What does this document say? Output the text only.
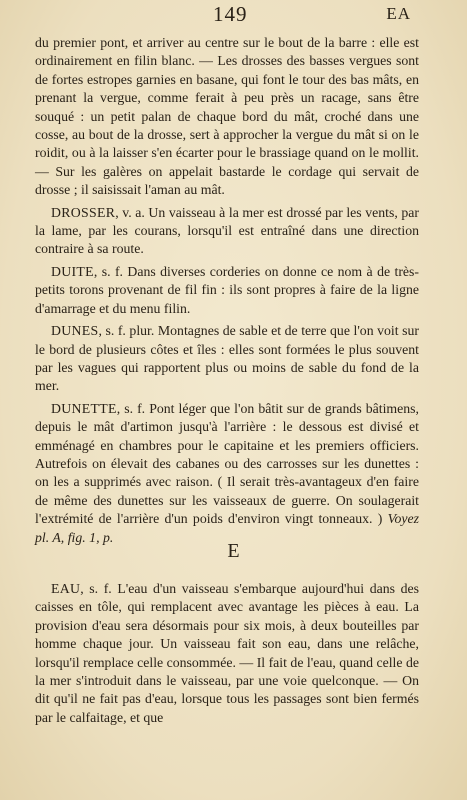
149	EA

du premier pont, et arriver au centre sur le bout de la barre : elle est ordinairement en filin blanc. — Les drosses des basses vergues sont de fortes estropes garnies en basane, qui font le tour des bas mâts, en prenant la vergue, comme ferait à peu près un racage, sans être souqué : un petit palan de chaque bord du mât, croché dans une cosse, au bout de la drosse, sert à approcher la vergue du mât si on le roidit, ou à la laisser s'en écarter pour le brassiage quand on le mollit. — Sur les galères on appelait bastarde le cordage qui servait de drosse ; il saisissait l'aman au mât.

DROSSER, v. a. Un vaisseau à la mer est drossé par les vents, par la lame, par les courans, lorsqu'il est entraîné dans une direction contraire à sa route.

DUITE, s. f. Dans diverses corderies on donne ce nom à de très-petits torons provenant de fil fin : ils sont propres à faire de la ligne d'amarrage et du menu filin.

DUNES, s. f. plur. Montagnes de sable et de terre que l'on voit sur le bord de plusieurs côtes et îles : elles sont formées le plus souvent par les vagues qui rapportent plus ou moins de sable du fond de la mer.

DUNETTE, s. f. Pont léger que l'on bâtit sur de grands bâtimens, depuis le mât d'artimon jusqu'à l'arrière : le dessous est divisé et emménagé en chambres pour le capitaine et les premiers officiers. Autrefois on élevait des cabanes ou des carrosses sur les dunettes : on les a supprimés avec raison. ( Il serait très-avantageux d'en faire de même des dunettes sur les vaisseaux de guerre. On soulagerait l'extrémité de l'arrière d'un poids d'environ vingt tonneaux. ) Voyez pl. A, fig. 1, p.

E

EAU, s. f. L'eau d'un vaisseau s'embarque aujourd'hui dans des caisses en tôle, qui remplacent avec avantage les pièces à eau. La provision d'eau sera désormais pour six mois, à deux bouteilles par homme chaque jour. Un vaisseau fait son eau, dans une relâche, lorsqu'il remplace celle consommée. — Il fait de l'eau, quand celle de la mer s'introduit dans le vaisseau, par une voie quelconque. — On dit qu'il ne fait pas d'eau, lorsque tous les passages sont bien fermés par le calfaitage, et que
